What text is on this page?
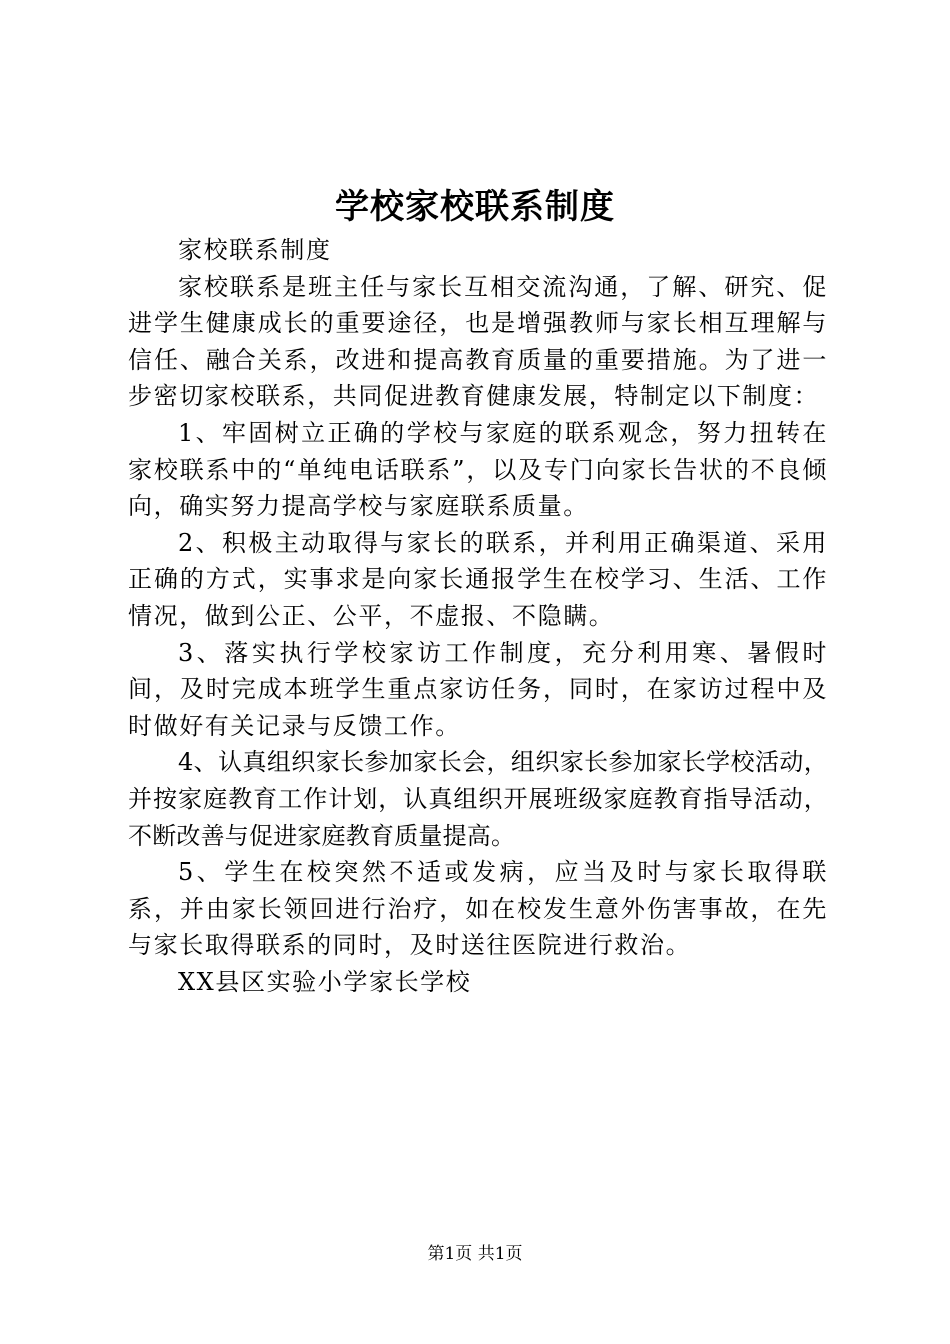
学校家校联系制度

家校联系制度

家校联系是班主任与家长互相交流沟通，了解、研究、促进学生健康成长的重要途径，也是增强教师与家长相互理解与信任、融合关系，改进和提高教育质量的重要措施。为了进一步密切家校联系，共同促进教育健康发展，特制定以下制度：

1、牢固树立正确的学校与家庭的联系观念，努力扭转在家校联系中的“单纯电话联系”，以及专门向家长告状的不良倾向，确实努力提高学校与家庭联系质量。

2、积极主动取得与家长的联系，并利用正确渠道、采用正确的方式，实事求是向家长通报学生在校学习、生活、工作情况，做到公正、公平，不虚报、不隐瞒。

3、落实执行学校家访工作制度，充分利用寒、暑假时间，及时完成本班学生重点家访任务，同时，在家访过程中及时做好有关记录与反馈工作。

4、认真组织家长参加家长会，组织家长参加家长学校活动，并按家庭教育工作计划，认真组织开展班级家庭教育指导活动，不断改善与促进家庭教育质量提高。

5、学生在校突然不适或发病，应当及时与家长取得联系，并由家长领回进行治疗，如在校发生意外伤害事故，在先与家长取得联系的同时，及时送往医院进行救治。

XX县区实验小学家长学校

第1页 共1页
